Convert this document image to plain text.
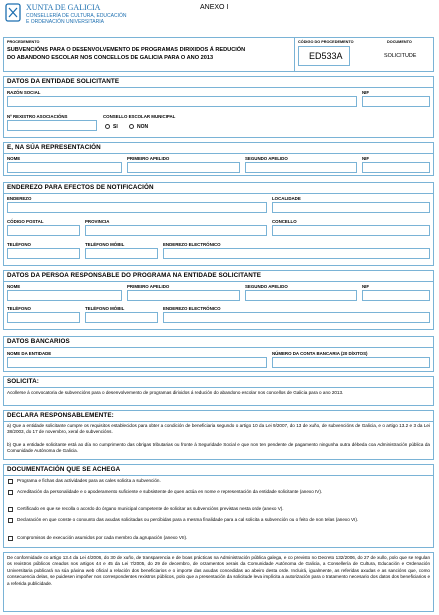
XUNTA DE GALICIA
CONSELLERÍA DE CULTURA, EDUCACIÓN
E ORDENACIÓN UNIVERSITARIA
ANEXO I
PROCEDEMENTO
SUBVENCIÓNS PARA O DESENVOLVEMENTO DE PROGRAMAS DIRIXIDOS Á REDUCIÓN
DO ABANDONO ESCOLAR NOS CONCELLOS DE GALICIA PARA O ANO 2013
CÓDIGO DO PROCEDEMENTO
ED533A
DOCUMENTO
SOLICITUDE
DATOS DA ENTIDADE SOLICITANTE
RAZÓN SOCIAL	NIF
Nº REXISTRO ASOCIACIÓNS	CONSELLO ESCOLAR MUNICIPAL
SI	NON
E, NA SÚA REPRESENTACIÓN
NOME	PRIMEIRO APELIDO	SEGUNDO APELIDO	NIF
ENDEREZO PARA EFECTOS DE NOTIFICACIÓN
ENDEREZO	LOCALIDADE
CÓDIGO POSTAL	PROVINCIA	CONCELLO
TELÉFONO	TELÉFONO MÓBIL	ENDEREZO ELECTRÓNICO
DATOS DA PERSOA RESPONSABLE DO PROGRAMA NA ENTIDADE SOLICITANTE
NOME	PRIMEIRO APELIDO	SEGUNDO APELIDO	NIF
TELÉFONO	TELÉFONO MÓBIL	ENDEREZO ELECTRÓNICO
DATOS BANCARIOS
NOME DA ENTIDADE	NÚMERO DA CONTA BANCARIA (20 DÍXITOS)
SOLICITA:
Acollerse á convocatoria de subvencións para o desenvolvemento de programas dirixidos á redución do abandono escolar nos concellos de Galicia para o ano 2013.
DECLARA RESPONSABLEMENTE:
a) Que a entidade solicitante cumpre os requisitos establecidos para obter a condición de beneficiaria segundo o artigo 10 da Lei 9/2007, do 13 de xuño, de subvencións de Galicia, e o artigo 13.2 e 3 da Lei 38/2003, do 17 de novembro, xeral de subvencións.
b) Que a entidade solicitante está ao día no cumprimento das obrigas tributarias ou fronte á Seguridade Social e que non ten pendente de pagamento ningunha outra débeda coa Administración pública da Comunidade Autónoma de Galicia.
DOCUMENTACIÓN QUE SE ACHEGA
Programa e fichas das actividades para as cales solicita a subvención.
Acreditación da personalidade e o apoderamento suficiente e subsistente de quen actúa en nome e representación da entidade solicitante (anexo IV).
Certificado en que se recolla o acordo do órgano municipal competente de solicitar as subvencións previstas nesta orde (anexo V).
Declaración en que conste o conxunto das axudas solicitadas ou percibidas para a mesma finalidade para a cal solicita a subvención ou o feito de non telas (anexo VI).
Compromisos de execución asumidos por cada membro da agrupación (anexo VII).
De conformidade co artigo 13.4 da Lei 4/2006, do 30 de xuño, de transparencia e de boas prácticas na Administración pública galega, e co previsto no Decreto 132/2006, do 27 de xullo, polo que se regulan os rexistros públicos creados nos artigos 44 e 45 da Lei 7/2005, do 29 de decembro, de orzamentos xerais da Comunidade Autónoma de Galicia, a Consellería de Cultura, Educación e Ordenación Universitaria publicará na súa páxina web oficial a relación dos beneficiarios e o importe das axudas concedidas ao abeiro desta orde. Incluirá, igualmente, as referidas axudas e as sancións que, como consecuencia delas, se puidesen impoñer nos correspondentes rexistros públicos, polo que a presentación da solicitude leva implícita a autorización para o tratamento necesario dos datos dos beneficiarios e a referida publicidade.
